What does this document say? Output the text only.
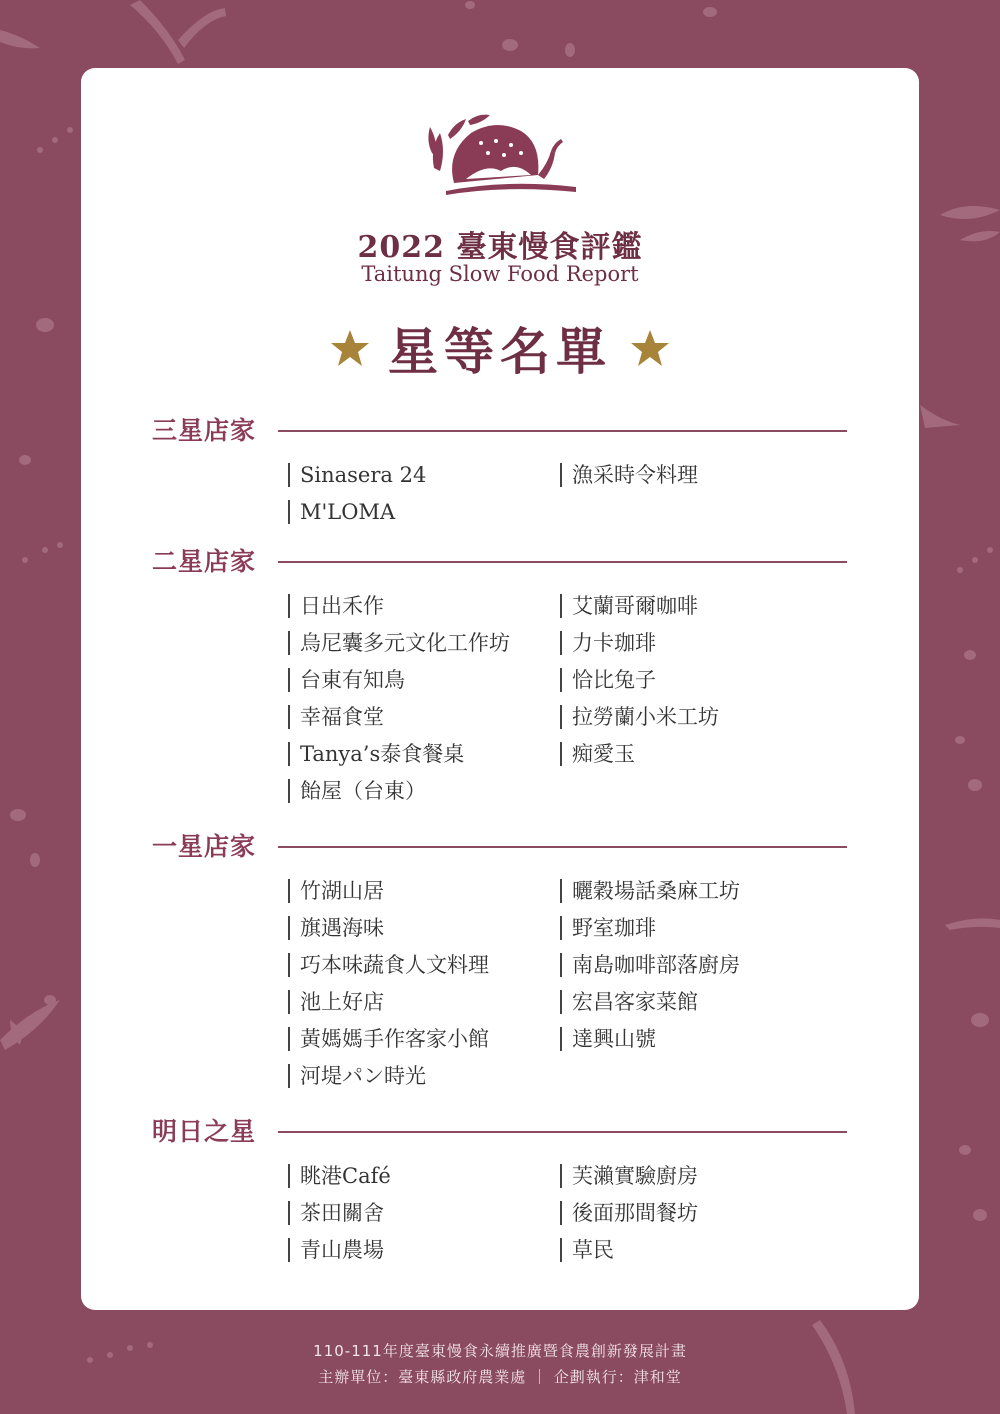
2022 臺東慢食評鑑
Taitung Slow Food Report
星等名單
三星店家
Sinasera 24
M'LOMA
漁采時令料理
二星店家
日出禾作
烏尼囊多元文化工作坊
台東有知鳥
幸福食堂
Tanya’s泰食餐桌
飴屋（台東）
艾蘭哥爾咖啡
力卡珈琲
恰比兔子
拉勞蘭小米工坊
痴愛玉
一星店家
竹湖山居
旗遇海味
巧本味蔬食人文料理
池上好店
黃媽媽手作客家小館
河堤パン時光
曬穀場話桑麻工坊
野室珈琲
南島咖啡部落廚房
宏昌客家菜館
達興山號
明日之星
眺港Café
茶田關舍
青山農場
芙瀨實驗廚房
後面那間餐坊
草民
110-111年度臺東慢食永續推廣暨食農創新發展計畫
主辦單位：臺東縣政府農業處 ｜ 企劃執行：津和堂
